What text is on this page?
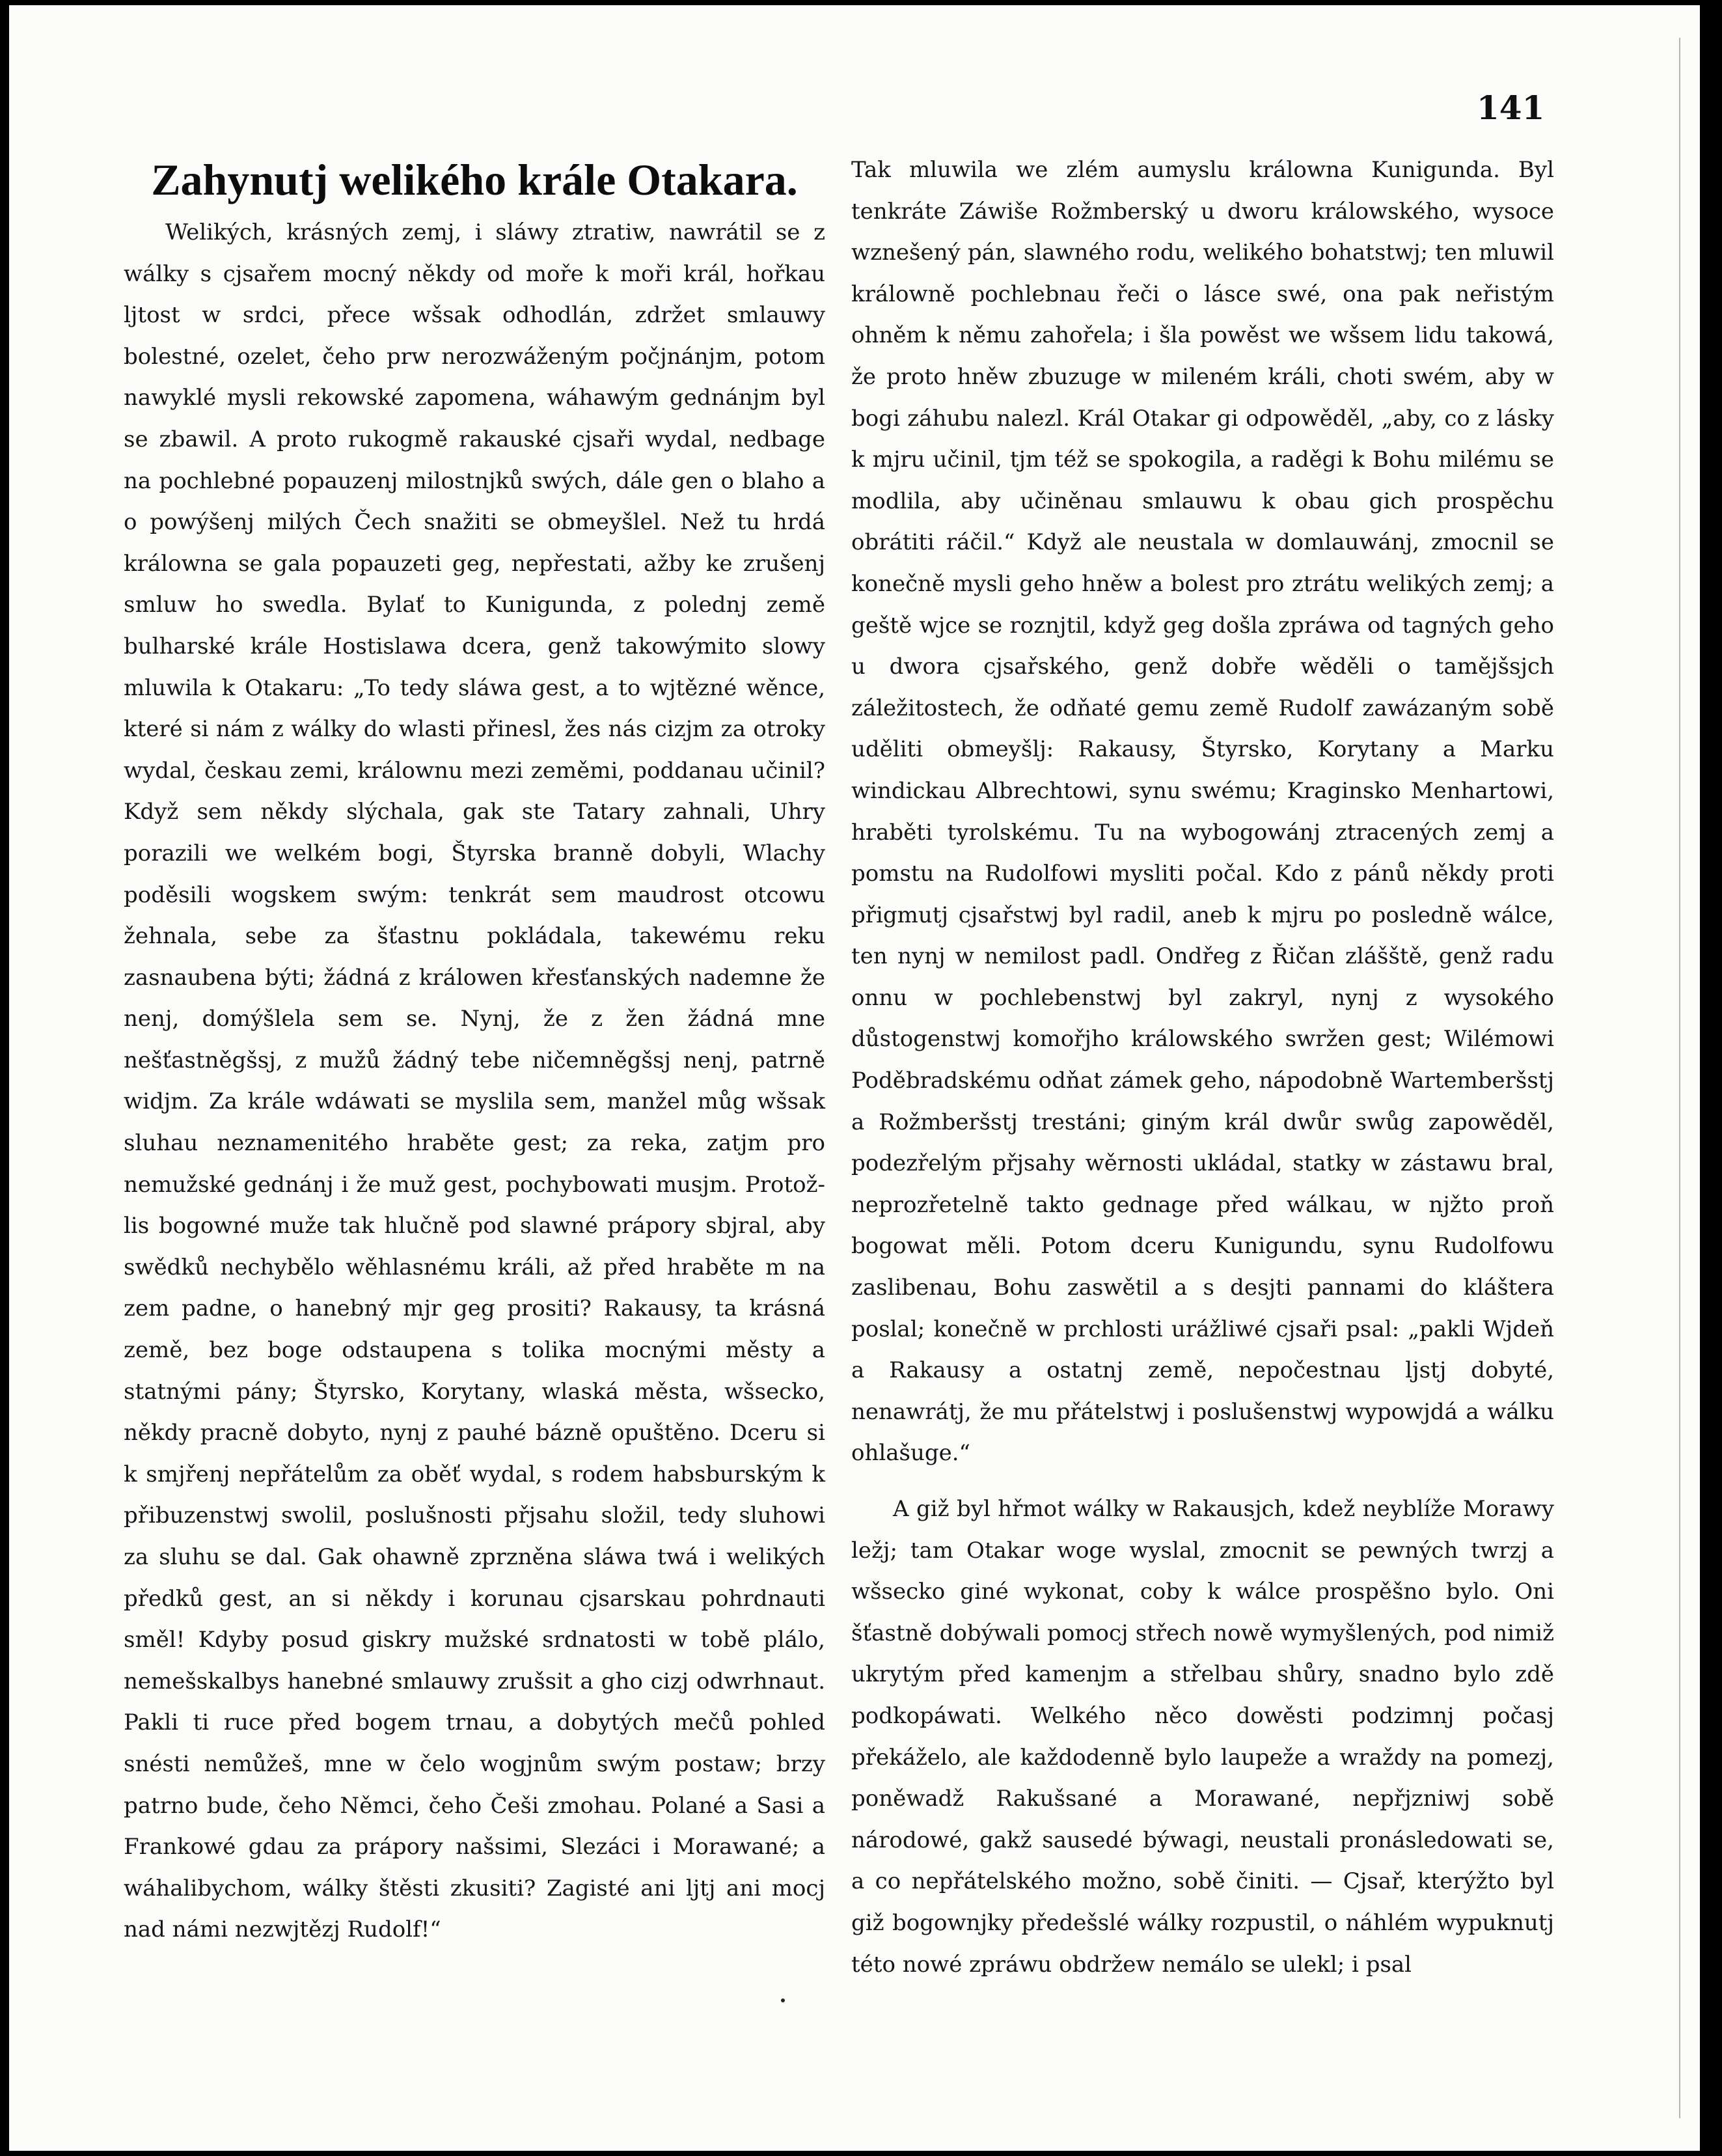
141
Zahynutj welikého krále Otakara.

Welikých, krásných zemj, i sláwy ztratiw, nawrátil se z wálky s cjsařem mocný někdy od moře k moři král, hořkau ljtost w srdci, přece wšsak odhodlán, zdržet smlauwy bolestné, ozelet, čeho prw nerozwáženým počjnánjm, potom nawyklé mysli rekowské zapomena, wáhawým gednánjm byl se zbawil. A proto rukogmě rakauské cjsaři wydal, nedbage na pochlebné popauzenj milostnjků swých, dále gen o blaho a o powýšenj milých Čech snažiti se obmeyšlel. Než tu hrdá králowna se gala popauzeti geg, nepřestati, ažby ke zrušenj smluw ho swedla. Bylať to Kunigunda, z polednj země bulharské krále Hostislawa dcera, genž takowýmito slowy mluwila k Otakaru: „To tedy sláwa gest, a to wjtězné wěnce, které si nám z wálky do wlasti přinesl, žes nás cizjm za otroky wydal, českau zemi, králownu mezi zeměmi, poddanau učinil? Když sem někdy slýchala, gak ste Tatary zahnali, Uhry porazili we welkém bogi, Štyrska branně dobyli, Wlachy poděsili wogskem swým: tenkrát sem maudrost otcowu žehnala, sebe za šťastnu pokládala, takewému reku zasnaubena býti; žádná z králowen křesťanských nademne že nenj, domýšlela sem se. Nynj, že z žen žádná mne nešťastněgšsj, z mužů žádný tebe ničemněgšsj nenj, patrně widjm. Za krále wdáwati se myslila sem, manžel můg wšsak sluhau neznamenitého hraběte gest; za reka, zatjm pro nemužské gednánj i že muž gest, pochybowati musjm. Protož-lis bogowné muže tak hlučně pod slawné prápory sbjral, aby swědků nechybělo wěhlasnému králi, až před hraběte m na zem padne, o hanebný mjr geg prositi? Rakausy, ta krásná země, bez boge odstaupena s tolika mocnými městy a statnými pány; Štyrsko, Korytany, wlaská města, wšsecko, někdy pracně dobyto, nynj z pauhé bázně opuštěno. Dceru si k smjřenj nepřátelům za oběť wydal, s rodem habsburským k přibuzenstwj swolil, poslušnosti přjsahu složil, tedy sluhowi za sluhu se dal. Gak ohawně zprzněna sláwa twá i welikých předků gest, an si někdy i korunau cjsarskau pohrdnauti směl! Kdyby posud giskry mužské srdnatosti w tobě plálo, nemešskalbys hanebné smlauwy zrušsit a gho cizj odwrhnaut. Pakli ti ruce před bogem trnau, a dobytých mečů pohled snésti nemůžeš, mne w čelo wogjnům swým postaw; brzy patrno bude, čeho Němci, čeho Češi zmohau. Polané a Sasi a Frankowé gdau za prápory našsimi, Slezáci i Morawané; a wáhalibychom, wálky štěsti zkusiti? Zagisté ani ljtj ani mocj nad námi nezwjtězj Rudolf!“

Tak mluwila we zlém aumyslu králowna Kunigunda. Byl tenkráte Záwiše Rožmberský u dworu králowského, wysoce wznešený pán, slawného rodu, welikého bohatstwj; ten mluwil králowně pochlebnau řeči o lásce swé, ona pak neřistým ohněm k němu zahořela; i šla powěst we wšsem lidu takowá, že proto hněw zbuzuge w mileném králi, choti swém, aby w bogi záhubu nalezl. Král Otakar gi odpowěděl, „aby, co z lásky k mjru učinil, tjm též se spokogila, a raděgi k Bohu milému se modlila, aby učiněnau smlauwu k obau gich prospěchu obrátiti ráčil.“ Když ale neustala w domlauwánj, zmocnil se konečně mysli geho hněw a bolest pro ztrátu welikých zemj; a geště wjce se roznjtil, když geg došla zpráwa od tagných geho u dwora cjsařského, genž dobře wěděli o tamějšsjch záležitostech, že odňaté gemu země Rudolf zawázaným sobě uděliti obmeyšlj: Rakausy, Štyrsko, Korytany a Marku windickau Albrechtowi, synu swému; Kraginsko Menhartowi, hraběti tyrolskému. Tu na wybogowánj ztracených zemj a pomstu na Rudolfowi mysliti počal. Kdo z pánů někdy proti přigmutj cjsařstwj byl radil, aneb k mjru po posledně wálce, ten nynj w nemilost padl. Ondřeg z Řičan zlášště, genž radu onnu w pochlebenstwj byl zakryl, nynj z wysokého důstogenstwj komořjho králowského swržen gest; Wilémowi Poděbradskému odňat zámek geho, nápodobně Wartemberšstj a Rožmberšstj trestáni; giným král dwůr swůg zapowěděl, podezřelým přjsahy wěrnosti ukládal, statky w zástawu bral, neprozřetelně takto gednage před wálkau, w njžto proň bogowat měli. Potom dceru Kunigundu, synu Rudolfowu zaslibenau, Bohu zaswětil a s desjti pannami do kláštera poslal; konečně w prchlosti urážliwé cjsaři psal: „pakli Wjdeň a Rakausy a ostatnj země, nepočestnau ljstj dobyté, nenawrátj, že mu přátelstwj i poslušenstwj wypowjdá a wálku ohlašuge.“

A giž byl hřmot wálky w Rakausjch, kdež neyblíže Morawy ležj; tam Otakar woge wyslal, zmocnit se pewných twrzj a wšsecko giné wykonat, coby k wálce prospěšno bylo. Oni šťastně dobýwali pomocj střech nowě wymyšlených, pod nimiž ukrytým před kamenjm a střelbau shůry, snadno bylo zdě podkopáwati. Welkého něco dowěsti podzimnj počasj překáželo, ale každodenně bylo laupeže a wraždy na pomezj, poněwadž Rakušsané a Morawané, nepřjzniwj sobě národowé, gakž sausedé býwagi, neustali pronásledowati se, a co nepřátelského možno, sobě činiti. — Cjsař, kterýžto byl giž bogownjky předešslé wálky rozpustil, o náhlém wypuknutj této nowé zpráwu obdržew nemálo se ulekl; i psal
